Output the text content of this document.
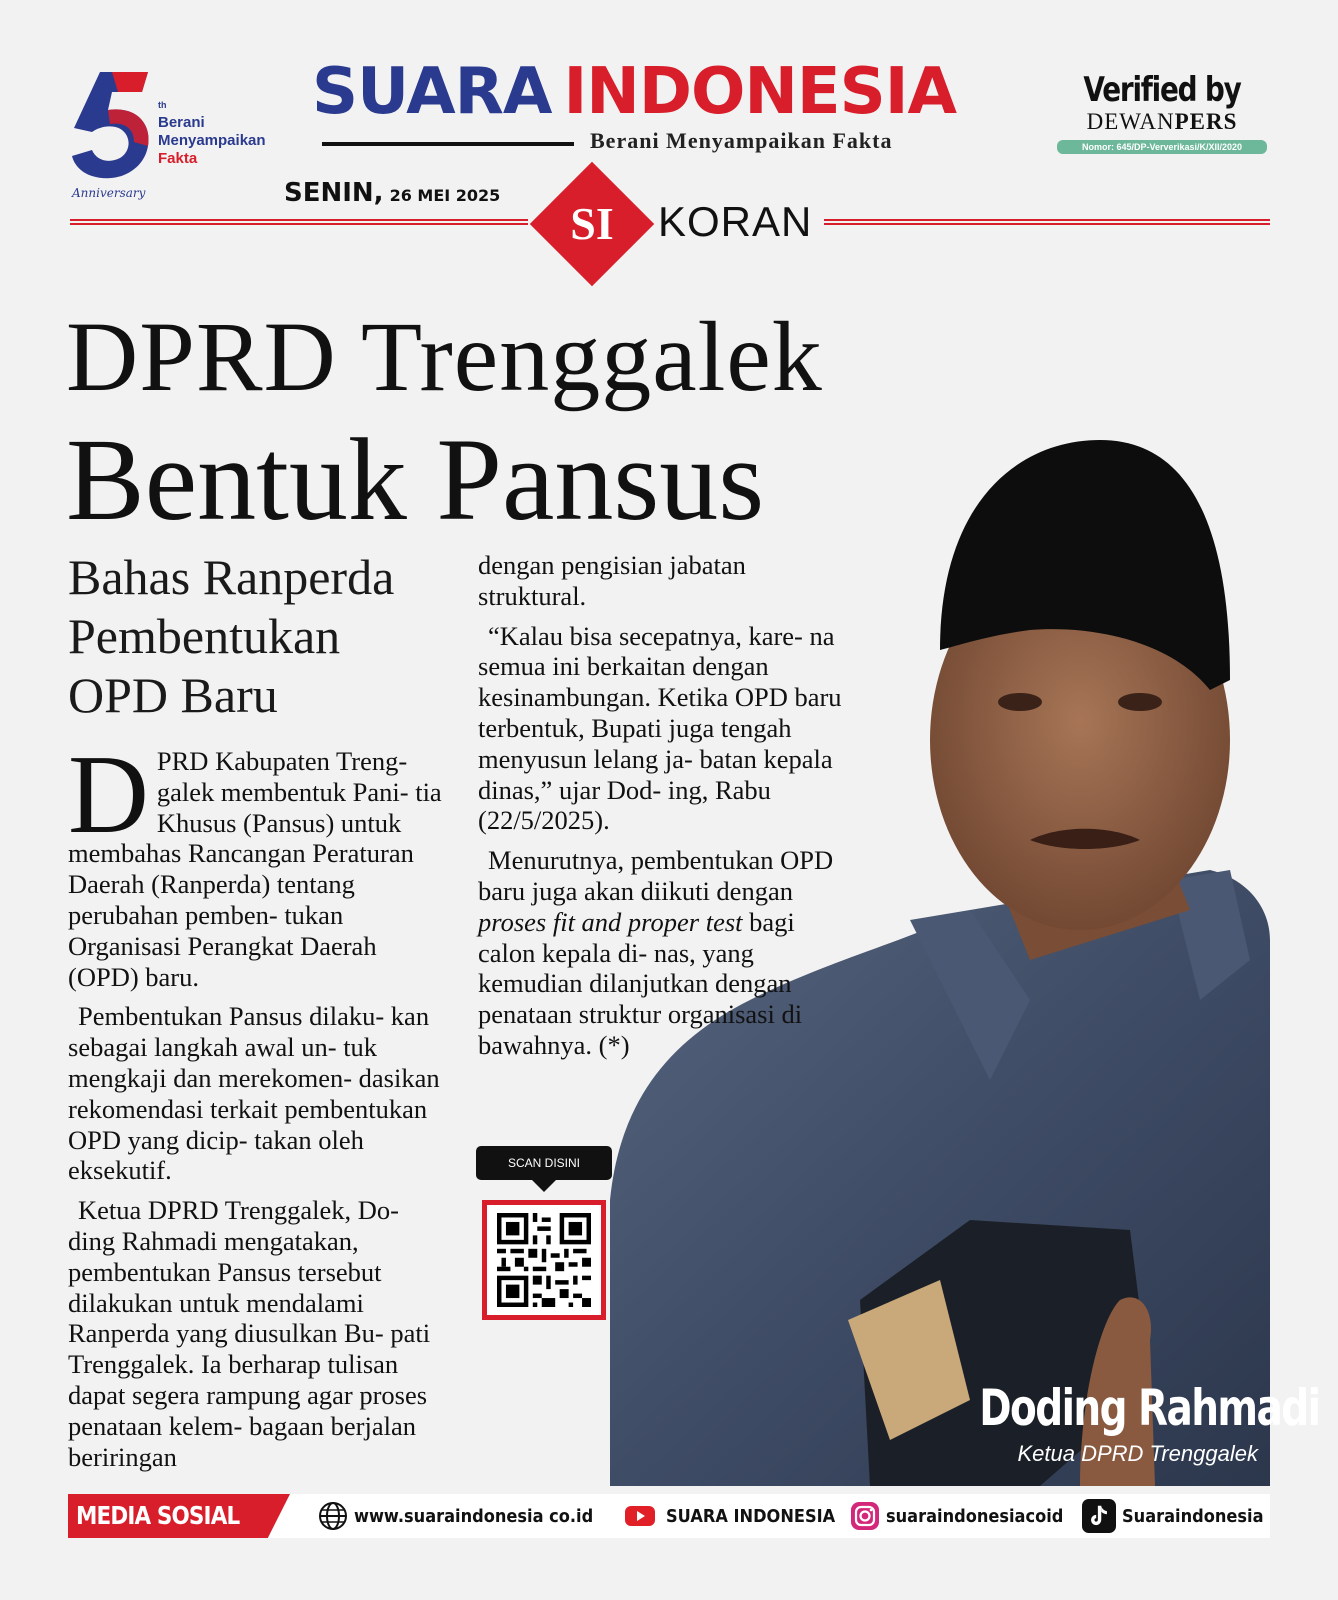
th
Berani
Menyampaikan
Fakta
Anniversary
SUARA INDONESIA
Berani Menyampaikan Fakta
Verified by
DEWANPERS
Nomor: 645/DP-Ververikasi/K/XII/2020
SENIN, 26 MEI 2025
SI	KORAN
DPRD Trenggalek
Bentuk Pansus
Bahas Ranperda
Pembentukan
OPD Baru
Doding Rahmadi
Ketua DPRD Trenggalek

DPRD Kabupaten Treng- galek membentuk Pani- tia Khusus (Pansus) untuk membahas Rancangan Peraturan Daerah (Ranperda) tentang perubahan pemben- tukan Organisasi Perangkat Daerah (OPD) baru.

Pembentukan Pansus dilaku- kan sebagai langkah awal un- tuk mengkaji dan merekomen- dasikan rekomendasi terkait pembentukan OPD yang dicip- takan oleh eksekutif.

Ketua DPRD Trenggalek, Do- ding Rahmadi mengatakan, pembentukan Pansus tersebut dilakukan untuk mendalami Ranperda yang diusulkan Bu- pati Trenggalek. Ia berharap tulisan dapat segera rampung agar proses penataan kelem- bagaan berjalan beriringan

dengan pengisian jabatan struktural.

“Kalau bisa secepatnya, kare- na semua ini berkaitan dengan kesinambungan. Ketika OPD baru terbentuk, Bupati juga tengah menyusun lelang ja- batan kepala dinas,” ujar Dod- ing, Rabu (22/5/2025).

Menurutnya, pembentukan OPD baru juga akan diikuti dengan proses fit and proper test bagi calon kepala di- nas, yang kemudian dilanjutkan dengan penataan struktur organisasi di bawahnya. (*)

SCAN DISINI
MEDIA SOSIAL	www.suaraindonesia co.id	SUARA INDONESIA	suaraindonesiacoid	Suaraindonesia
